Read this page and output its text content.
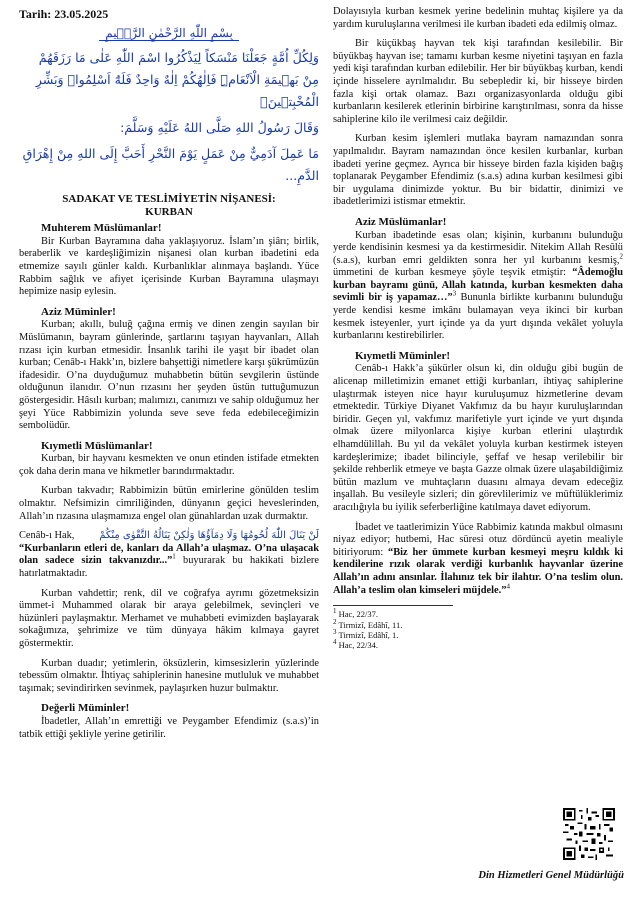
Tarih: 23.05.2025
بِسْمِ اللّٰهِ الرَّحْمٰنِ الرَّح۪يمِ
وَلِكُلِّ اُمَّةٍ جَعَلْنَا مَنْسَكاً لِيَذْكُرُوا اسْمَ اللّٰهِ عَلٰى مَا رَزَقَهُمْ مِنْ بَه۪يمَةِ الْاَنْعَامِۜ فَاِلٰهُكُمْ اِلٰهٌ وَاحِدٌ فَلَهُٓ اَسْلِمُواۜ وَبَشِّرِ الْمُخْبِت۪ينَۙ
وَقَالَ رَسُولُ اللهِ صَلَّى اللهُ عَلَيْهِ وَسَلَّمَ:
مَا عَمِلَ آدَمِيٌّ مِنْ عَمَلٍ يَوْمَ النَّحْرِ أَحَبَّ إِلَى اللهِ مِنْ إِهْرَاقِ الدَّمِ...
SADAKAT VE TESLİMİYETİN NİŞANESİ:
KURBAN
Muhterem Müslümanlar!

Bir Kurban Bayramına daha yaklaşıyoruz. İslam’ın şiârı; birlik, beraberlik ve kardeşliğimizin nişanesi olan kurban ibadetini eda etmemize sayılı günler kaldı. Kurbanlıklar alınmaya başlandı. Yüce Rabbim sağlık ve afiyet içerisinde Kurban Bayramına ulaşmayı hepimize nasip eylesin.

Aziz Müminler!

Kurban; akıllı, buluğ çağına ermiş ve dinen zengin sayılan bir Müslümanın, bayram günlerinde, şartlarını taşıyan hayvanları, Allah rızası için kurban etmesidir. İnsanlık tarihi ile yaşıt bir ibadet olan kurban; Cenâb-ı Hakk’ın, bizlere bahşettiği nimetlere karşı şükrümüzün ifadesidir. O’na duyduğumuz muhabbetin bütün sevgilerin üstünde olduğunun ilanıdır. O’nun rızasını her şeyden üstün tuttuğumuzun göstergesidir. Hâsılı kurban; malımızı, canımızı ve sahip olduğumuz her şeyi Yüce Rabbimizin yolunda seve seve feda edebileceğimizin sembolüdür.

Kıymetli Müslümanlar!

Kurban, bir hayvanı kesmekten ve onun etinden istifade etmekten çok daha derin mana ve hikmetler barındırmaktadır.

Kurban takvadır; Rabbimizin bütün emirlerine gönülden teslim olmaktır. Nefsimizin cimriliğinden, dünyanın geçici heveslerinden, Allah’ın rızasına ulaşmamıza engel olan günahlardan uzak durmaktır.

Cenâb-ı Hak, لَنْ يَنَالَ اللّٰهَ لُحُومُهَا وَلَا دِمَآؤُهَا وَلٰكِنْ يَنَالُهُ التَّقْوٰى مِنْكُمْ

“Kurbanların etleri de, kanları da Allah’a ulaşmaz. O’na ulaşacak olan sadece sizin takvanızdır...”$^1$ buyurarak bu hakikati bizlere hatırlatmaktadır.

Kurban vahdettir; renk, dil ve coğrafya ayrımı gözetmeksizin ümmet-i Muhammed olarak bir araya gelebilmek, sevinçleri ve hüzünleri paylaşmaktır. Merhamet ve muhabbeti evimizden başlayarak sokağımıza, şehrimize ve tüm dünyaya hâkim kılmaya gayret göstermektir.

Kurban duadır; yetimlerin, öksüzlerin, kimsesizlerin yüzlerinde tebessüm olmaktır. İhtiyaç sahiplerinin hanesine mutluluk ve muhabbet taşımak; sevindirirken sevinmek, paylaşırken huzur bulmaktır.

Değerli Müminler!

İbadetler, Allah’ın emrettiği ve Peygamber Efendimiz (s.a.s)’in tatbik ettiği şekliyle yerine getirilir.

Dolayısıyla kurban kesmek yerine bedelinin muhtaç kişilere ya da yardım kuruluşlarına verilmesi ile kurban ibadeti eda edilmiş olmaz.

Bir küçükbaş hayvan tek kişi tarafından kesilebilir. Bir büyükbaş hayvan ise; tamamı kurban kesme niyetini taşıyan en fazla yedi kişi tarafından kurban edilebilir. Her bir büyükbaş kurban, kendi içinde hisselere ayrılmalıdır. Bu sebepledir ki, bir hisseye birden fazla kişi ortak olamaz. Bazı organizasyonlarda olduğu gibi kurbanların kesilerek etlerinin birbirine karıştırılması, sonra da hisse sahiplerine kilo ile verilmesi caiz değildir.

Kurban kesim işlemleri mutlaka bayram namazından sonra yapılmalıdır. Bayram namazından önce kesilen kurbanlar, kurban ibadeti yerine geçmez. Ayrıca bir hisseye birden fazla kişiden bağış toplanarak Peygamber Efendimiz (s.a.s) adına kurban kesilmesi gibi bir uygulama dinimizde yoktur. Bu bir bidattir, dinimizi ve ibadetlerimizi istismar etmektir.

Aziz Müslümanlar!

Kurban ibadetinde esas olan; kişinin, kurbanını bulunduğu yerde kendisinin kesmesi ya da kestirmesidir. Nitekim Allah Resûlü (s.a.s), kurban emri geldikten sonra her yıl kurbanını kesmiş,$^2$ ümmetini de kurban kesmeye şöyle teşvik etmiştir: “Âdemoğlu kurban bayramı günü, Allah katında, kurban kesmekten daha sevimli bir iş yapamaz…”$^3$ Bununla birlikte kurbanını bulunduğu yerde kendisi kesme imkânı bulamayan veya ikinci bir kurban kesmek isteyenler, yurt içinde ya da yurt dışında vekâlet yoluyla kurbanlarını kestirebilirler.

Kıymetli Müminler!

Cenâb-ı Hakk’a şükürler olsun ki, din olduğu gibi bugün de alicenap milletimizin emanet ettiği kurbanları, ihtiyaç sahiplerine ulaştırmak isteyen nice hayır kuruluşumuz hizmetlerine devam etmektedir. Türkiye Diyanet Vakfımız da bu hayır kuruluşlarından biridir. Geçen yıl, vakfımız marifetiyle yurt içinde ve yurt dışında olmak üzere milyonlarca kişiye kurban etlerini ulaştırdık elhamdülillah. Bu yıl da vekâlet yoluyla kurban kestirmek isteyen kardeşlerimize; ibadet bilinciyle, şeffaf ve hesap verilebilir bir şekilde rehberlik etmeye ve başta Gazze olmak üzere ulaşabildiğimiz bütün mazlum ve muhtaçların duasını almaya devam edeceğiz inşallah. Bu vesileyle sizleri; din görevlilerimiz ve müftülüklerimiz aracılığıyla bu iyilik seferberliğine katılmaya davet ediyorum.

İbadet ve taatlerimizin Yüce Rabbimiz katında makbul olmasını niyaz ediyor; hutbemi, Hac süresi otuz dördüncü ayetin mealiyle bitiriyorum: “Biz her ümmete kurban kesmeyi meşru kıldık ki kendilerine rızık olarak verdiği kurbanlık hayvanlar üzerine Allah’ın adını ansınlar. İlahınız tek bir ilahtır. O’na teslim olun. Allah’a teslim olan kimseleri müjdele.”$^4$

$^1$ Hac, 22/37.
$^2$ Tirmizî, Edâhî, 11.
$^3$ Tirmizî, Edâhî, 1.
$^4$ Hac, 22/34.
Din Hizmetleri Genel Müdürlüğü
